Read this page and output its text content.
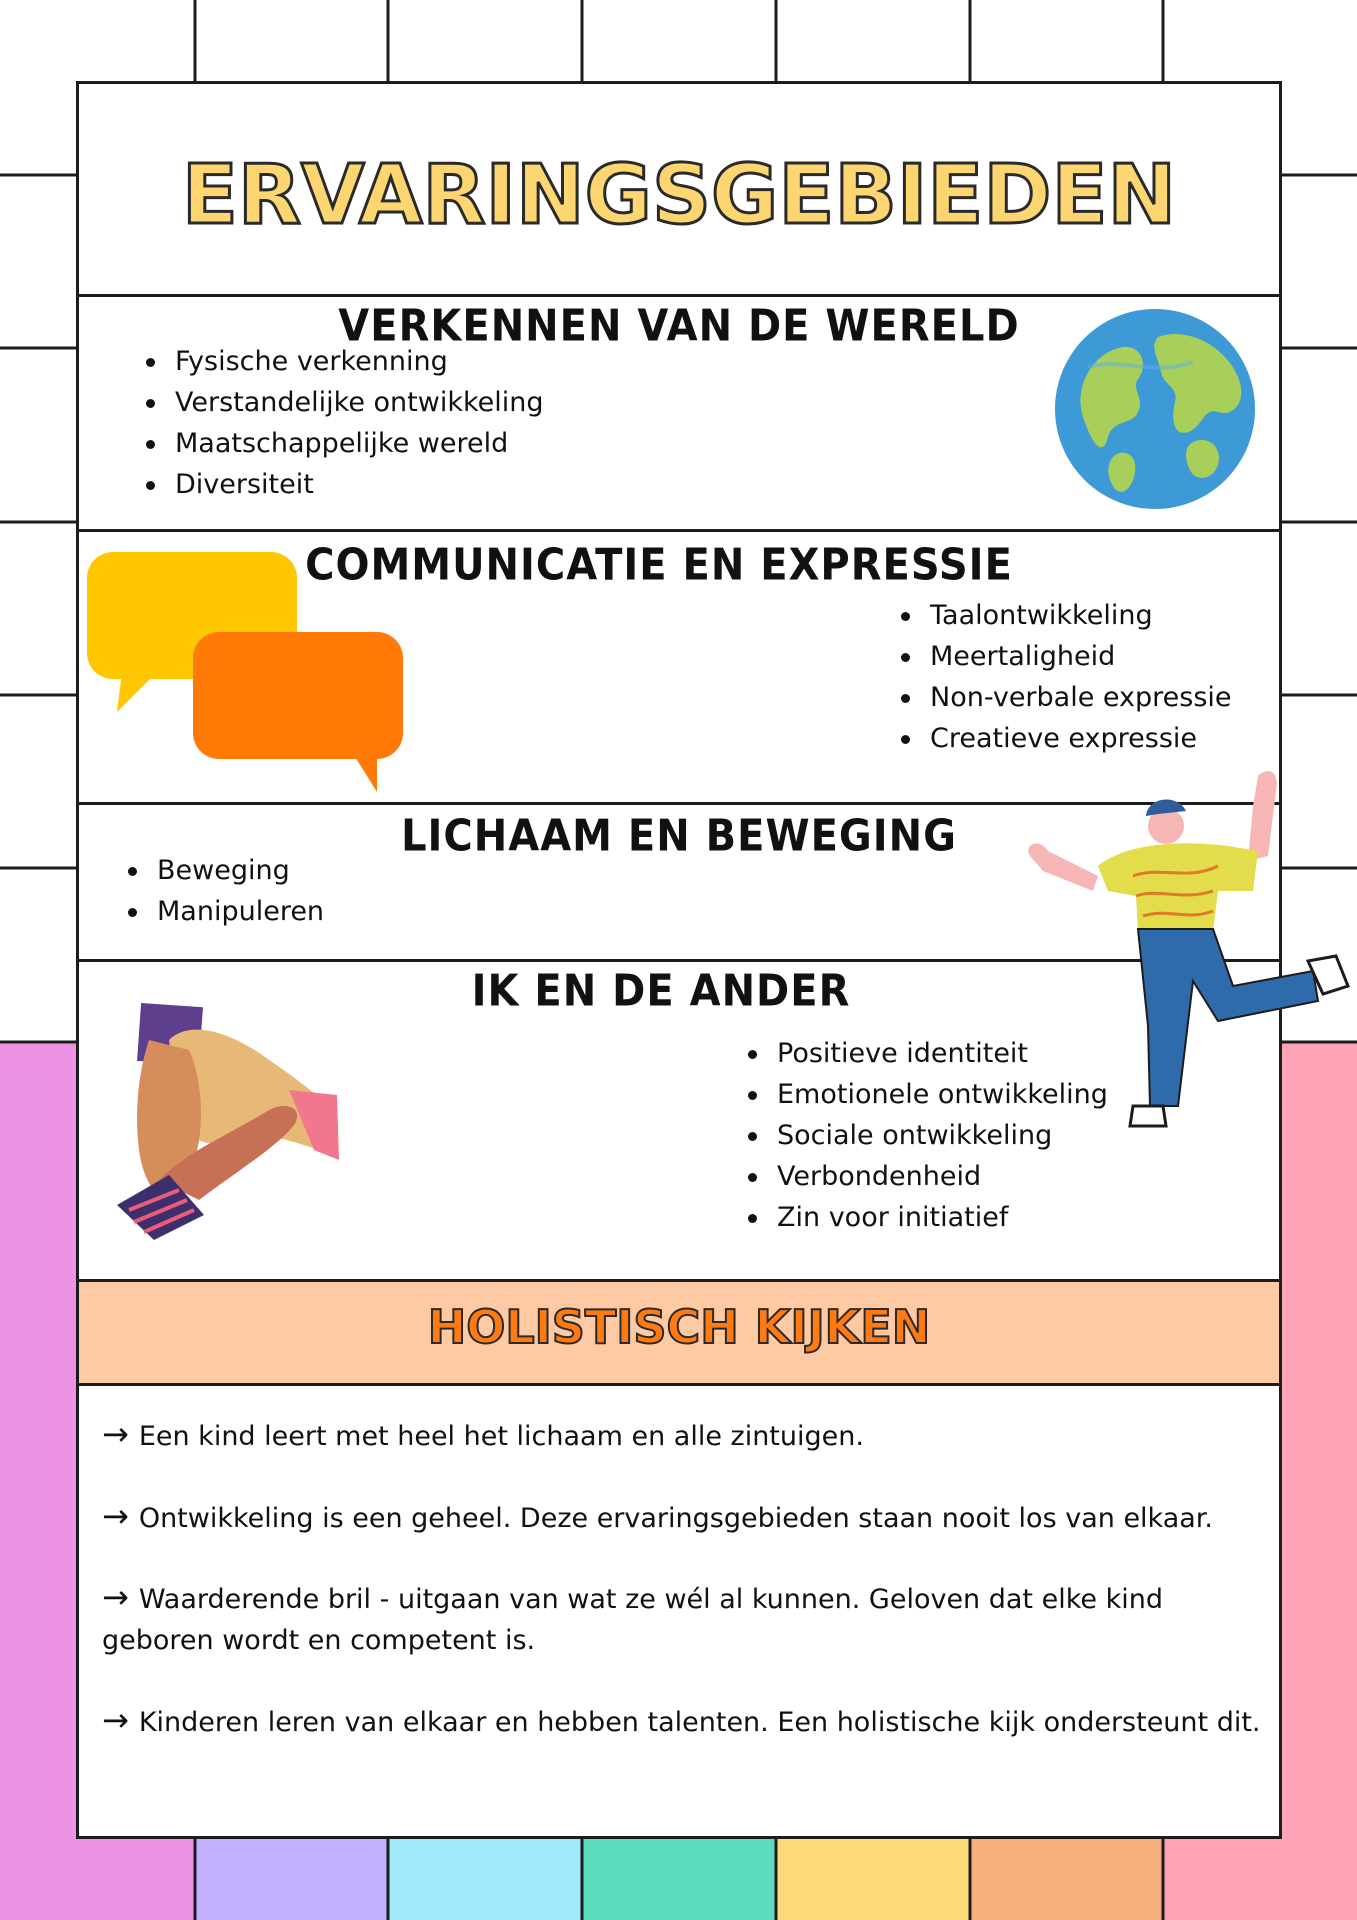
ERVARINGSGEBIEDEN
VERKENNEN VAN DE WERELD
Fysische verkenning
Verstandelijke ontwikkeling
Maatschappelijke wereld
Diversiteit
COMMUNICATIE EN EXPRESSIE
Taalontwikkeling
Meertaligheid
Non-verbale expressie
Creatieve expressie
LICHAAM EN BEWEGING
Beweging
Manipuleren
IK EN DE ANDER
Positieve identiteit
Emotionele ontwikkeling
Sociale ontwikkeling
Verbondenheid
Zin voor initiatief
HOLISTISCH KIJKEN
→ Een kind leert met heel het lichaam en alle zintuigen.
→ Ontwikkeling is een geheel. Deze ervaringsgebieden staan nooit los van elkaar.
→ Waarderende bril - uitgaan van wat ze wél al kunnen. Geloven dat elke kind geboren wordt en competent is.
→ Kinderen leren van elkaar en hebben talenten. Een holistische kijk ondersteunt dit.
